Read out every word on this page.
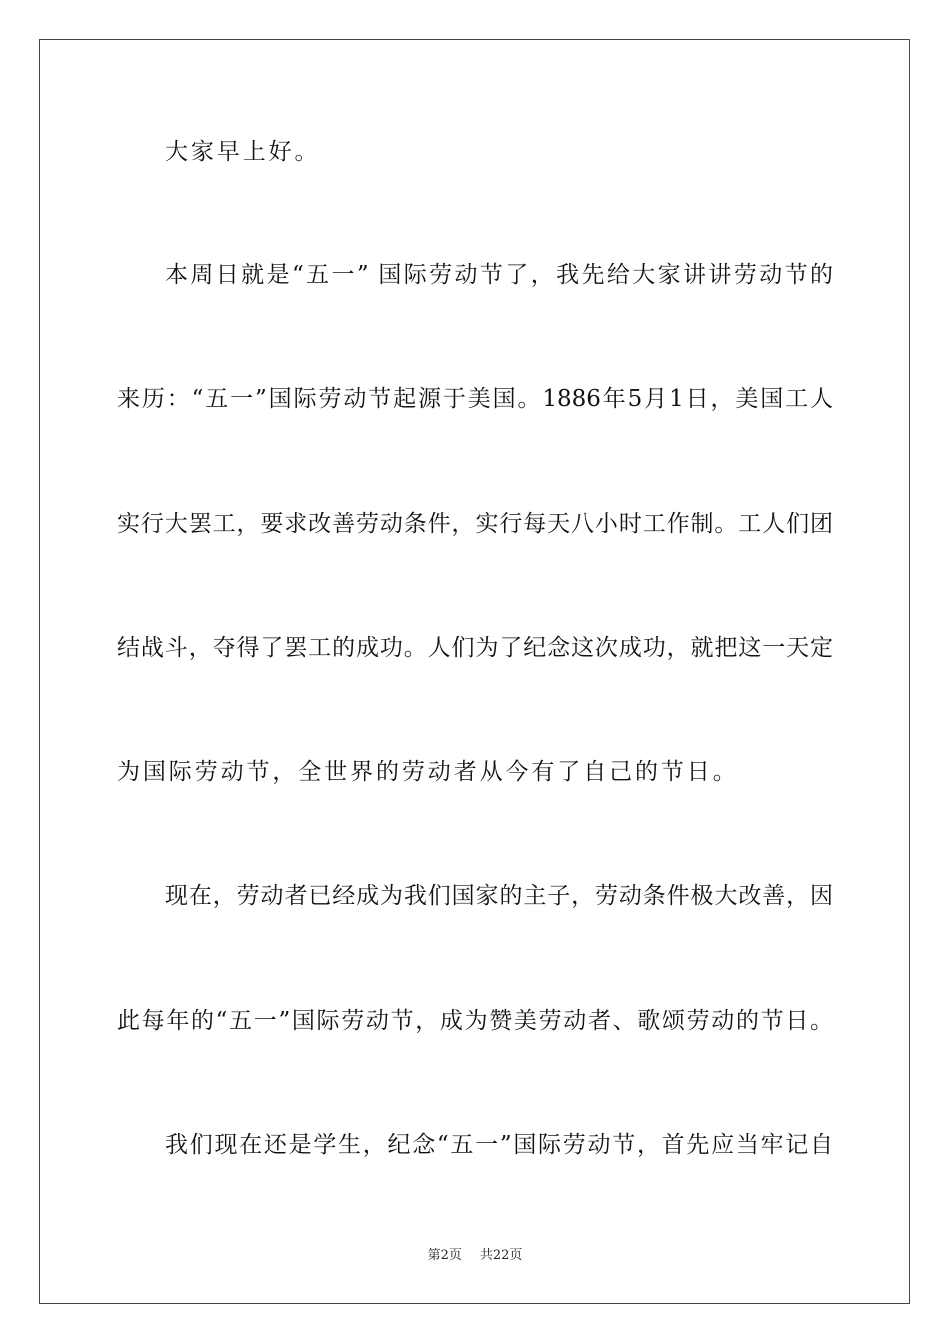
大家早上好。
本周日就是“五一” 国际劳动节了，我先给大家讲讲劳动节的
来历：“五一”国际劳动节起源于美国。1886年5月1日，美国工人
实行大罢工，要求改善劳动条件，实行每天八小时工作制。工人们团
结战斗，夺得了罢工的成功。人们为了纪念这次成功，就把这一天定
为国际劳动节，全世界的劳动者从今有了自己的节日。
现在，劳动者已经成为我们国家的主子，劳动条件极大改善，因
此每年的“五一”国际劳动节，成为赞美劳动者、歌颂劳动的节日。
我们现在还是学生，纪念“五一”国际劳动节，首先应当牢记自
第2页 共22页
